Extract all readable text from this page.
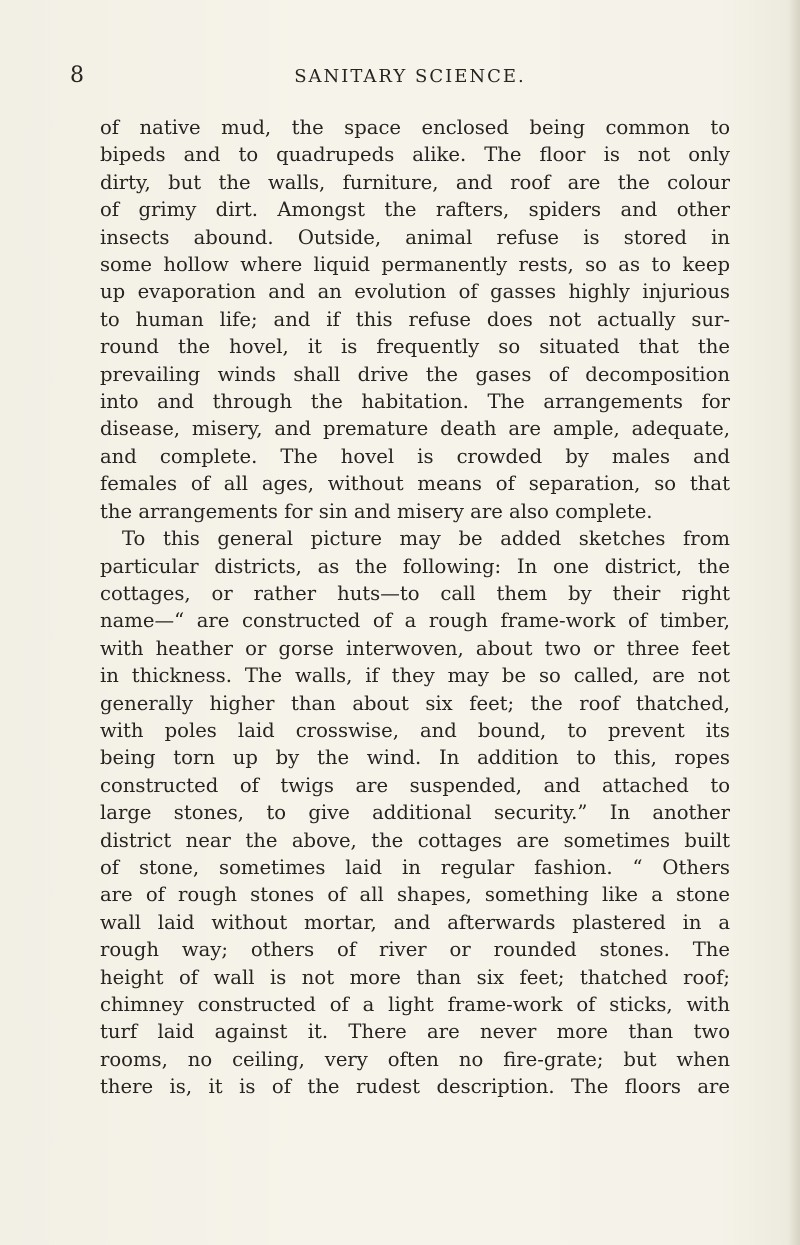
8	SANITARY SCIENCE.
of native mud, the space enclosed being common to
bipeds and to quadrupeds alike. The floor is not only
dirty, but the walls, furniture, and roof are the colour
of grimy dirt. Amongst the rafters, spiders and other
insects abound. Outside, animal refuse is stored in
some hollow where liquid permanently rests, so as to keep
up evaporation and an evolution of gasses highly injurious
to human life; and if this refuse does not actually sur-
round the hovel, it is frequently so situated that the
prevailing winds shall drive the gases of decomposition
into and through the habitation. The arrangements for
disease, misery, and premature death are ample, adequate,
and complete. The hovel is crowded by males and
females of all ages, without means of separation, so that
the arrangements for sin and misery are also complete.
To this general picture may be added sketches from
particular districts, as the following: In one district, the
cottages, or rather huts—to call them by their right
name—“ are constructed of a rough frame-work of timber,
with heather or gorse interwoven, about two or three feet
in thickness. The walls, if they may be so called, are not
generally higher than about six feet; the roof thatched,
with poles laid crosswise, and bound, to prevent its
being torn up by the wind. In addition to this, ropes
constructed of twigs are suspended, and attached to
large stones, to give additional security.” In another
district near the above, the cottages are sometimes built
of stone, sometimes laid in regular fashion. “ Others
are of rough stones of all shapes, something like a stone
wall laid without mortar, and afterwards plastered in a
rough way; others of river or rounded stones. The
height of wall is not more than six feet; thatched roof;
chimney constructed of a light frame-work of sticks, with
turf laid against it. There are never more than two
rooms, no ceiling, very often no fire-grate; but when
there is, it is of the rudest description. The floors are
